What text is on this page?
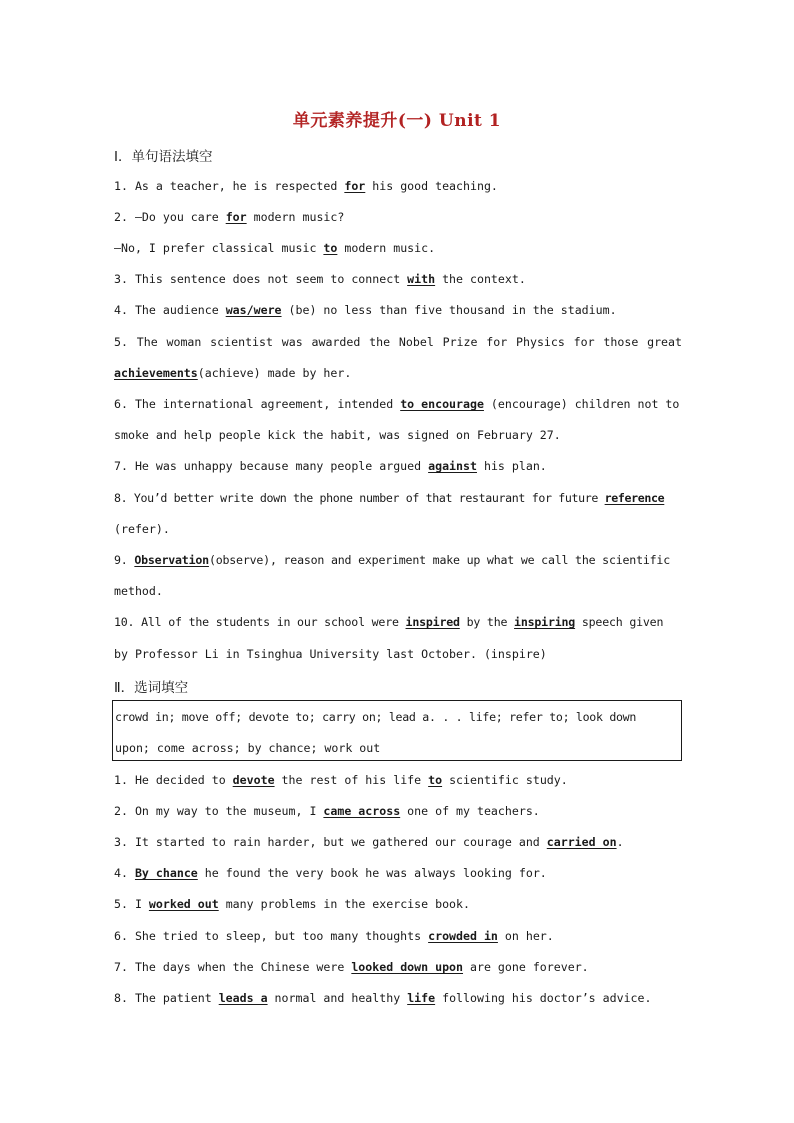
单元素养提升(一) Unit 1
Ⅰ．单句语法填空
1. As a teacher, he is respected for his good teaching.
2. —Do you care for modern music?
—No, I prefer classical music to modern music.
3. This sentence does not seem to connect with the context.
4. The audience was/were (be) no less than five thousand in the stadium.
5. The woman scientist was awarded the Nobel Prize for Physics for those great
achievements(achieve) made by her.
6. The international agreement, intended to encourage (encourage) children not to
smoke and help people kick the habit, was signed on February 27.
7. He was unhappy because many people argued against his plan.
8. You’d better write down the phone number of that restaurant for future reference
(refer).
9. Observation(observe), reason and experiment make up what we call the scientific
method.
10. All of the students in our school were inspired by the inspiring speech given
by Professor Li in Tsinghua University last October. (inspire)
Ⅱ．选词填空
crowd in; move off; devote to; carry on; lead a. . . life; refer to; look down
upon; come across; by chance; work out
1. He decided to devote the rest of his life to scientific study.
2. On my way to the museum, I came across one of my teachers.
3. It started to rain harder, but we gathered our courage and carried on.
4. By chance he found the very book he was always looking for.
5. I worked out many problems in the exercise book.
6. She tried to sleep, but too many thoughts crowded in on her.
7. The days when the Chinese were looked down upon are gone forever.
8. The patient leads a normal and healthy life following his doctor’s advice.
